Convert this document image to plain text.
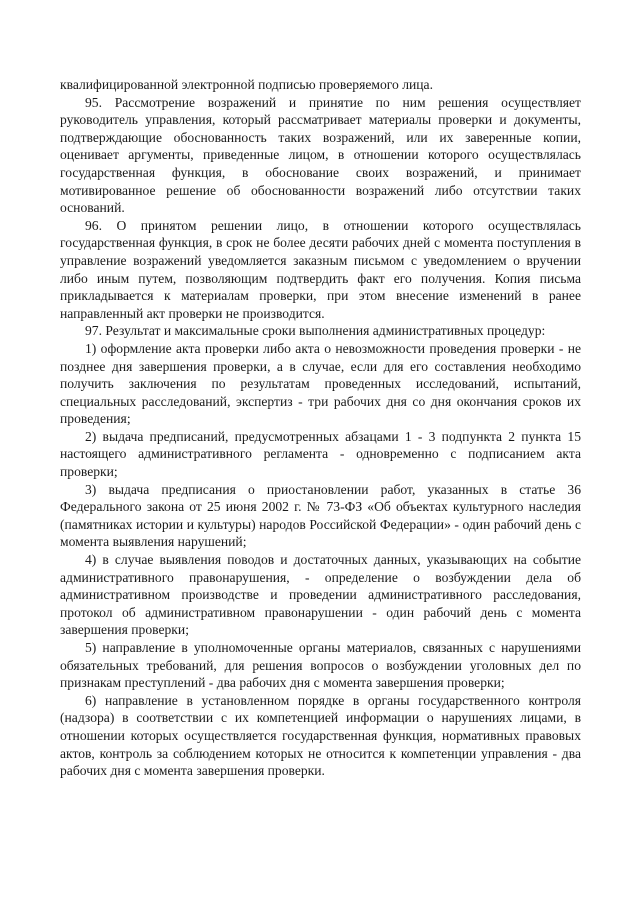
квалифицированной электронной подписью проверяемого лица.

95. Рассмотрение возражений и принятие по ним решения осуществляет руководитель управления, который рассматривает материалы проверки и документы, подтверждающие обоснованность таких возражений, или их заверенные копии, оценивает аргументы, приведенные лицом, в отношении которого осуществлялась государственная функция, в обоснование своих возражений, и принимает мотивированное решение об обоснованности возражений либо отсутствии таких оснований.

96. О принятом решении лицо, в отношении которого осуществлялась государственная функция, в срок не более десяти рабочих дней с момента поступления в управление возражений уведомляется заказным письмом с уведомлением о вручении либо иным путем, позволяющим подтвердить факт его получения. Копия письма прикладывается к материалам проверки, при этом внесение изменений в ранее направленный акт проверки не производится.

97. Результат и максимальные сроки выполнения административных процедур:

1) оформление акта проверки либо акта о невозможности проведения проверки - не позднее дня завершения проверки, а в случае, если для его составления необходимо получить заключения по результатам проведенных исследований, испытаний, специальных расследований, экспертиз - три рабочих дня со дня окончания сроков их проведения;

2) выдача предписаний, предусмотренных абзацами 1 - 3 подпункта 2 пункта 15 настоящего административного регламента - одновременно с подписанием акта проверки;

3) выдача предписания о приостановлении работ, указанных в статье 36 Федерального закона от 25 июня 2002 г. № 73-ФЗ «Об объектах культурного наследия (памятниках истории и культуры) народов Российской Федерации» - один рабочий день с момента выявления нарушений;

4) в случае выявления поводов и достаточных данных, указывающих на событие административного правонарушения, - определение о возбуждении дела об административном производстве и проведении административного расследования, протокол об административном правонарушении - один рабочий день с момента завершения проверки;

5) направление в уполномоченные органы материалов, связанных с нарушениями обязательных требований, для решения вопросов о возбуждении уголовных дел по признакам преступлений - два рабочих дня с момента завершения проверки;

6) направление в установленном порядке в органы государственного контроля (надзора) в соответствии с их компетенцией информации о нарушениях лицами, в отношении которых осуществляется государственная функция, нормативных правовых актов, контроль за соблюдением которых не относится к компетенции управления - два рабочих дня с момента завершения проверки.
